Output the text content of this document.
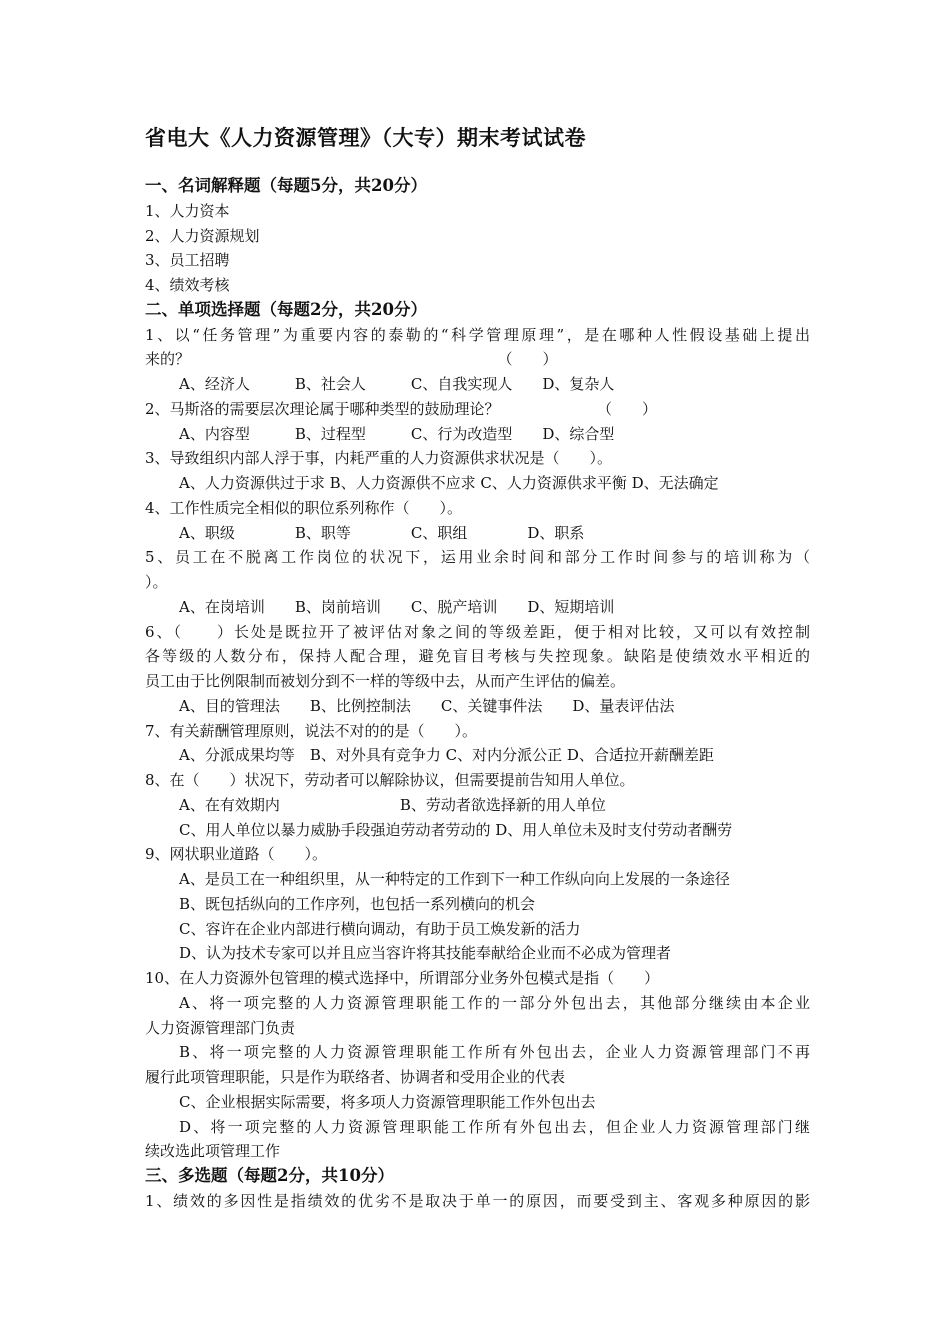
省电大《人力资源管理》（大专）期末考试试卷
一、名词解释题（每题5分，共20分）
1、人力资本
2、人力资源规划
3、员工招聘
4、绩效考核
二、单项选择题（每题2分，共20分）
1、以“任务管理”为重要内容的泰勒的“科学管理原理”，是在哪种人性假设基础上提出
来的？　　　　　　　　　　　　　　　　　　　　　（　　）
A、经济人　　　B、社会人　　　C、自我实现人　　D、复杂人
2、马斯洛的需要层次理论属于哪种类型的鼓励理论？　　　　　　　（　　）
A、内容型　　　B、过程型　　　C、行为改造型　　D、综合型
3、导致组织内部人浮于事，内耗严重的人力资源供求状况是（　　）。
A、人力资源供过于求 B、人力资源供不应求 C、人力资源供求平衡 D、无法确定
4、工作性质完全相似的职位系列称作（　　）。
A、职级　　　　B、职等　　　　C、职组　　　　D、职系
5、员工在不脱离工作岗位的状况下，运用业余时间和部分工作时间参与的培训称为（
）。
A、在岗培训　　B、岗前培训　　C、脱产培训　　D、短期培训
6、（　　）长处是既拉开了被评估对象之间的等级差距，便于相对比较，又可以有效控制
各等级的人数分布，保持人配合理，避免盲目考核与失控现象。缺陷是使绩效水平相近的
员工由于比例限制而被划分到不一样的等级中去，从而产生评估的偏差。
A、目的管理法　　B、比例控制法　　C、关键事件法　　D、量表评估法
7、有关薪酬管理原则，说法不对的的是（　　）。
A、分派成果均等　B、对外具有竞争力 C、对内分派公正 D、合适拉开薪酬差距
8、在（　　）状况下，劳动者可以解除协议，但需要提前告知用人单位。
A、在有效期内　　　　　　　　B、劳动者欲选择新的用人单位
C、用人单位以暴力威胁手段强迫劳动者劳动的 D、用人单位未及时支付劳动者酬劳
9、网状职业道路（　　）。
A、是员工在一种组织里，从一种特定的工作到下一种工作纵向向上发展的一条途径
B、既包括纵向的工作序列，也包括一系列横向的机会
C、容许在企业内部进行横向调动，有助于员工焕发新的活力
D、认为技术专家可以并且应当容许将其技能奉献给企业而不必成为管理者
10、在人力资源外包管理的模式选择中，所谓部分业务外包模式是指（　　）
A、将一项完整的人力资源管理职能工作的一部分外包出去，其他部分继续由本企业
人力资源管理部门负责
B、将一项完整的人力资源管理职能工作所有外包出去，企业人力资源管理部门不再
履行此项管理职能，只是作为联络者、协调者和受用企业的代表
C、企业根据实际需要，将多项人力资源管理职能工作外包出去
D、将一项完整的人力资源管理职能工作所有外包出去，但企业人力资源管理部门继
续改选此项管理工作
三、多选题（每题2分，共10分）
1、绩效的多因性是指绩效的优劣不是取决于单一的原因，而要受到主、客观多种原因的影
